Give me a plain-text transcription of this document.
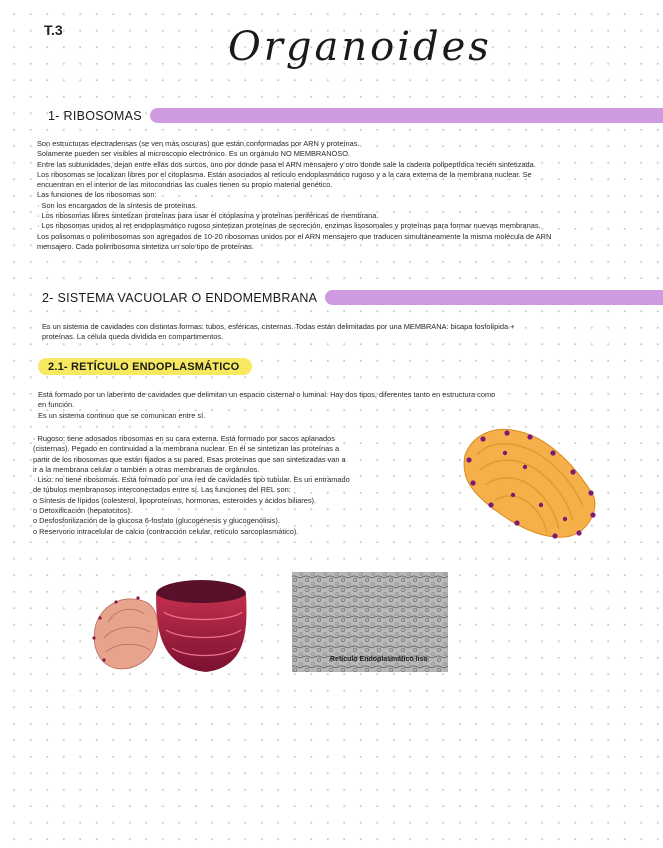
T.3	Organoides
1- RIBOSOMAS

Son estructuras electradensas (se ven más oscuras) que están conformadas por ARN y proteínas.

Solamente pueden ser visibles al microscopio electrónico. Es un orgánulo NO MEMBRANOSO.

Entre las subunidades, dejan entre ellas dos surcos, uno por donde pasa el ARN mensajero y otro donde sale la cadena polipeptídica recién sintetizada.

Los ribosomas se localizan libres por el citoplasma. Están asociados al retículo endoplasmático rugoso y a la cara externa de la membrana nuclear. Se

encuentran en el interior de las mitocondrias las cuales tienen su propio material genético.

Las funciones de los ribosomas son:

· Son los encargados de la síntesis de proteínas.

· Los ribosomas libres sintetizan proteínas para usar el citoplasma y proteínas periféricas de membrana.

· Los ribosomas unidos al ret endoplasmático rugoso sintetizan proteínas de secreción, enzimas lisosomales y proteínas para formar nuevas membranas.

Los polisomas o polirribosomas son agregados de 10-20 ribosomas unidos por el ARN mensajero que traducen simultáneamente la misma molécula de ARN

mensajero. Cada polirribosoma sintetiza un solo tipo de proteínas.

2- SISTEMA VACUOLAR O ENDOMEMBRANA

Es un sistema de cavidades con distintas formas: tubos, esféricas, cisternas. Todas están delimitadas por una MEMBRANA: bicapa fosfolípida +

proteínas. La célula queda dividida en compartimentos.

2.1- RETÍCULO ENDOPLASMÁTICO

Está formado por un laberinto de cavidades que delimitan un espacio cisternal o luminal. Hay dos tipos, diferentes tanto en estructura como

en función.

Es un sistema continuo que se comunican entre sí.

· Rugoso: tiene adosados ribosomas en su cara externa. Está formado por sacos aplanados

(cisternas). Pegado en continuidad a la membrana nuclear. En él se sintetizan las proteínas a

partir de los ribosomas que están fijados a su pared. Esas proteínas que son sintetizadas van a

ir a la membrana celular o también a otras membranas de orgánulos.

· Liso: no tiene ribosomas. Está formado por una red de cavidades tipo tubular. Es un entramado

de túbulos membranosos interconectados entre sí. Las funciones del REL son:

o Síntesis de lípidos (colesterol, lipoproteínas, hormonas, esteroides y ácidos biliares).

o Detoxificación (hepatocitos).

o Desfosforilización de la glucosa 6-fosfato (glucogénesis y glucogenólisis).

o Reservorio intracelular de calcio (contracción celular, retículo sarcoplasmático).

Retículo Endoplasmático liso
